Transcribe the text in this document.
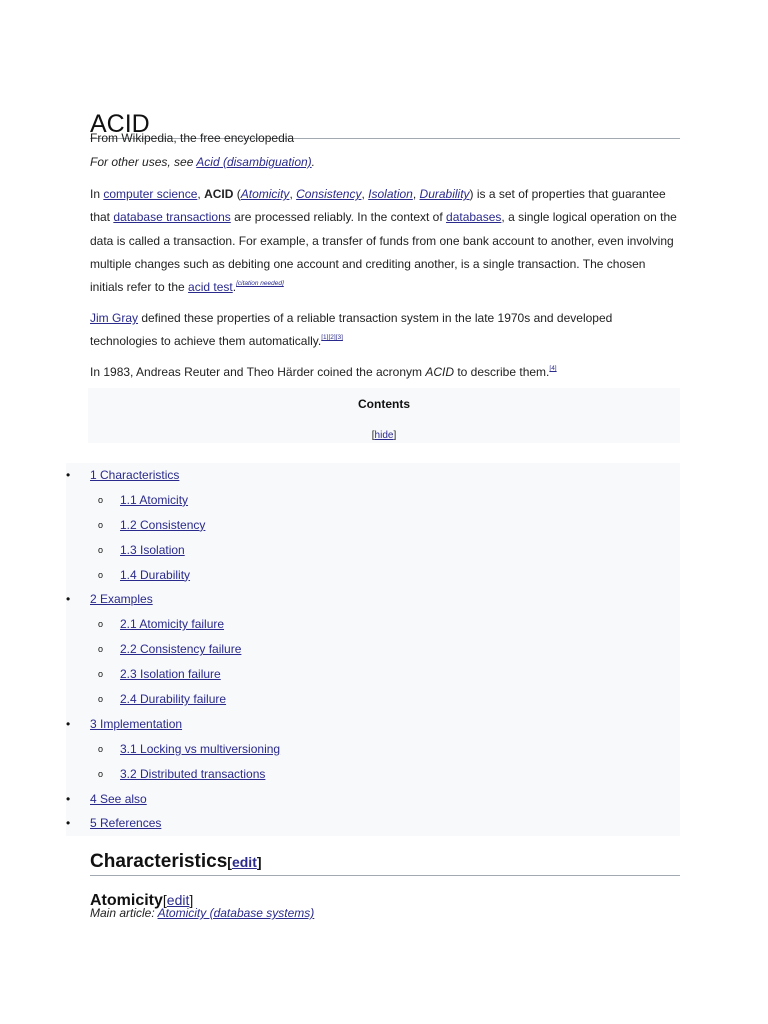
ACID
From Wikipedia, the free encyclopedia
For other uses, see Acid (disambiguation).
In computer science, ACID (Atomicity, Consistency, Isolation, Durability) is a set of properties that guarantee that database transactions are processed reliably. In the context of databases, a single logical operation on the data is called a transaction. For example, a transfer of funds from one bank account to another, even involving multiple changes such as debiting one account and crediting another, is a single transaction. The chosen initials refer to the acid test.[citation needed]
Jim Gray defined these properties of a reliable transaction system in the late 1970s and developed technologies to achieve them automatically.[1][2][3]
In 1983, Andreas Reuter and Theo Härder coined the acronym ACID to describe them.[4]
Contents
[hide]
• 1 Characteristics
o 1.1 Atomicity
o 1.2 Consistency
o 1.3 Isolation
o 1.4 Durability
• 2 Examples
o 2.1 Atomicity failure
o 2.2 Consistency failure
o 2.3 Isolation failure
o 2.4 Durability failure
• 3 Implementation
o 3.1 Locking vs multiversioning
o 3.2 Distributed transactions
• 4 See also
• 5 References
Characteristics[edit]
Atomicity[edit]
Main article: Atomicity (database systems)
